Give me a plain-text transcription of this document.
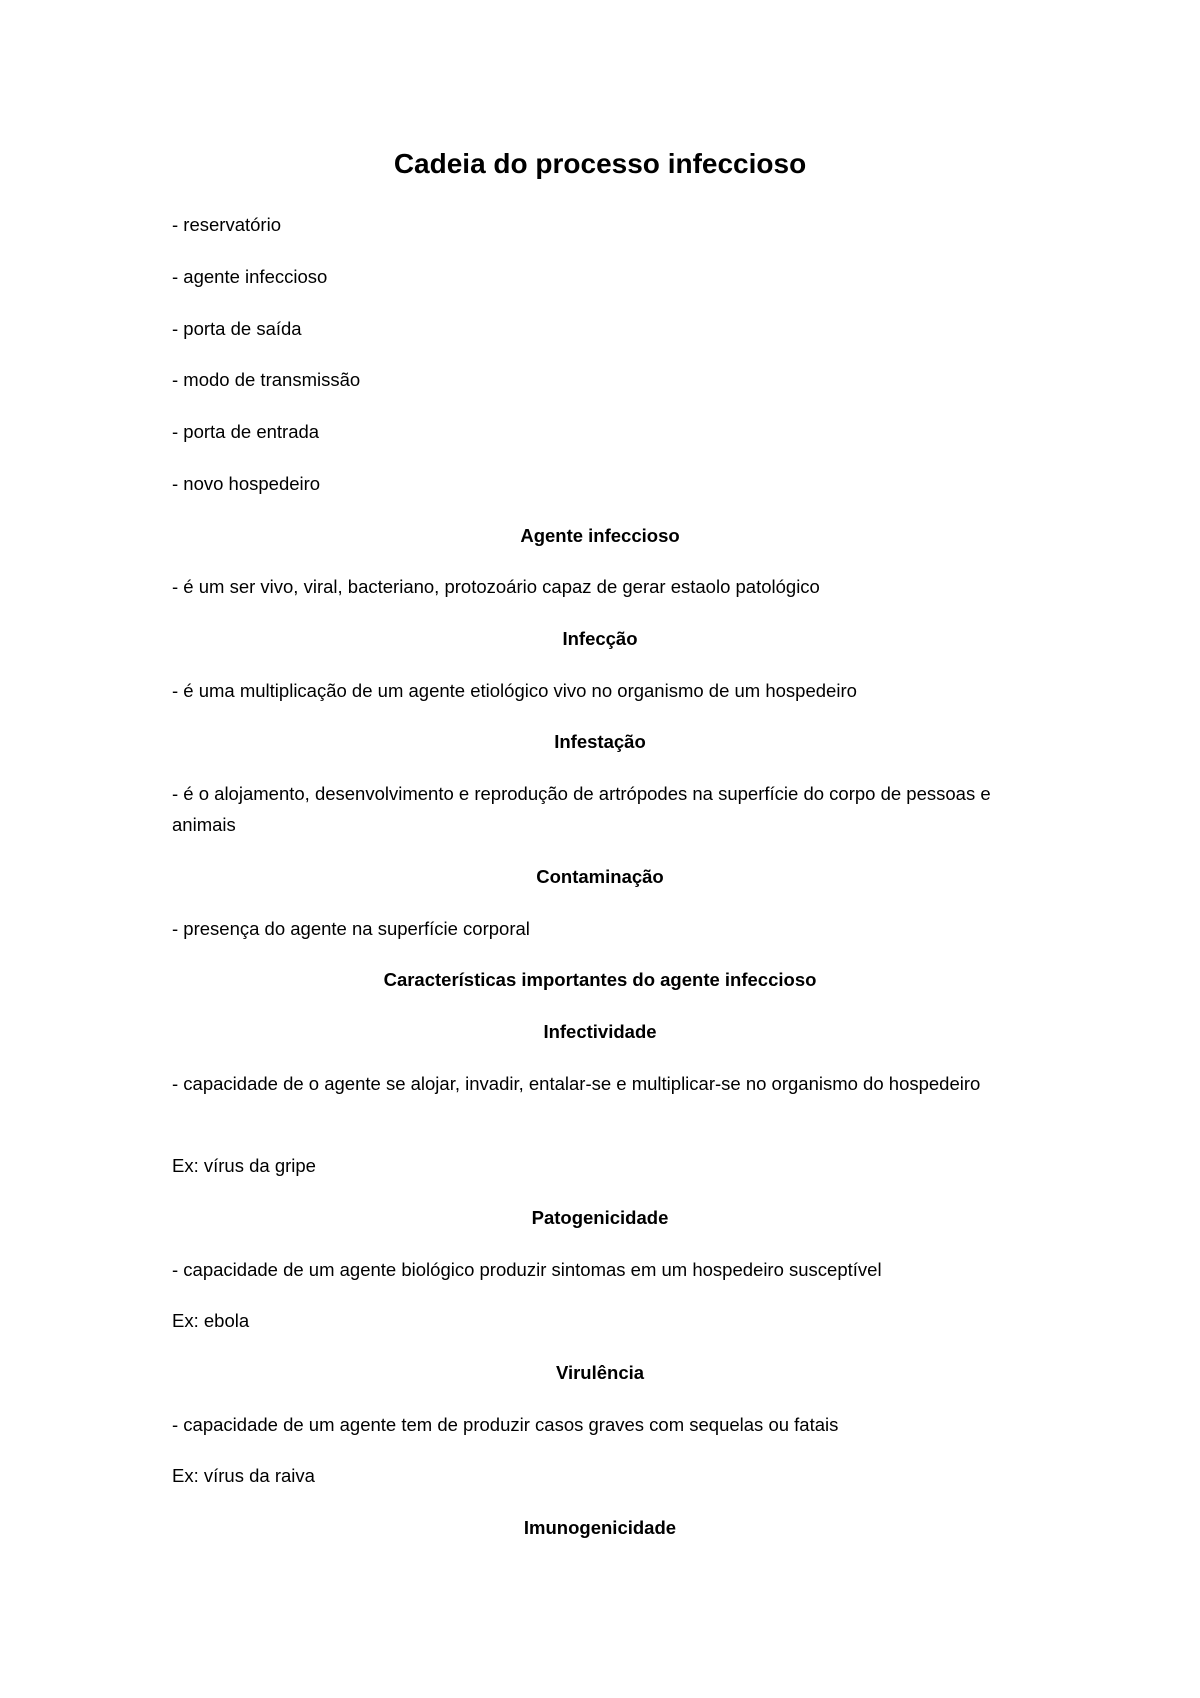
Cadeia do processo infeccioso
- reservatório
- agente infeccioso
- porta de saída
- modo de transmissão
- porta de entrada
- novo hospedeiro
Agente infeccioso
- é um ser vivo, viral, bacteriano, protozoário capaz de gerar estaolo patológico
Infecção
- é uma multiplicação de um agente etiológico vivo no organismo de um hospedeiro
Infestação
- é o alojamento, desenvolvimento e reprodução de artrópodes na superfície do corpo de pessoas e animais
Contaminação
- presença do agente na superfície corporal
Características importantes do agente infeccioso
Infectividade
- capacidade de o agente se alojar, invadir, entalar-se e multiplicar-se no organismo do hospedeiro
Ex: vírus da gripe
Patogenicidade
- capacidade de um agente biológico produzir sintomas em um hospedeiro susceptível
Ex: ebola
Virulência
- capacidade de um agente tem de produzir casos graves com sequelas ou fatais
Ex: vírus da raiva
Imunogenicidade
